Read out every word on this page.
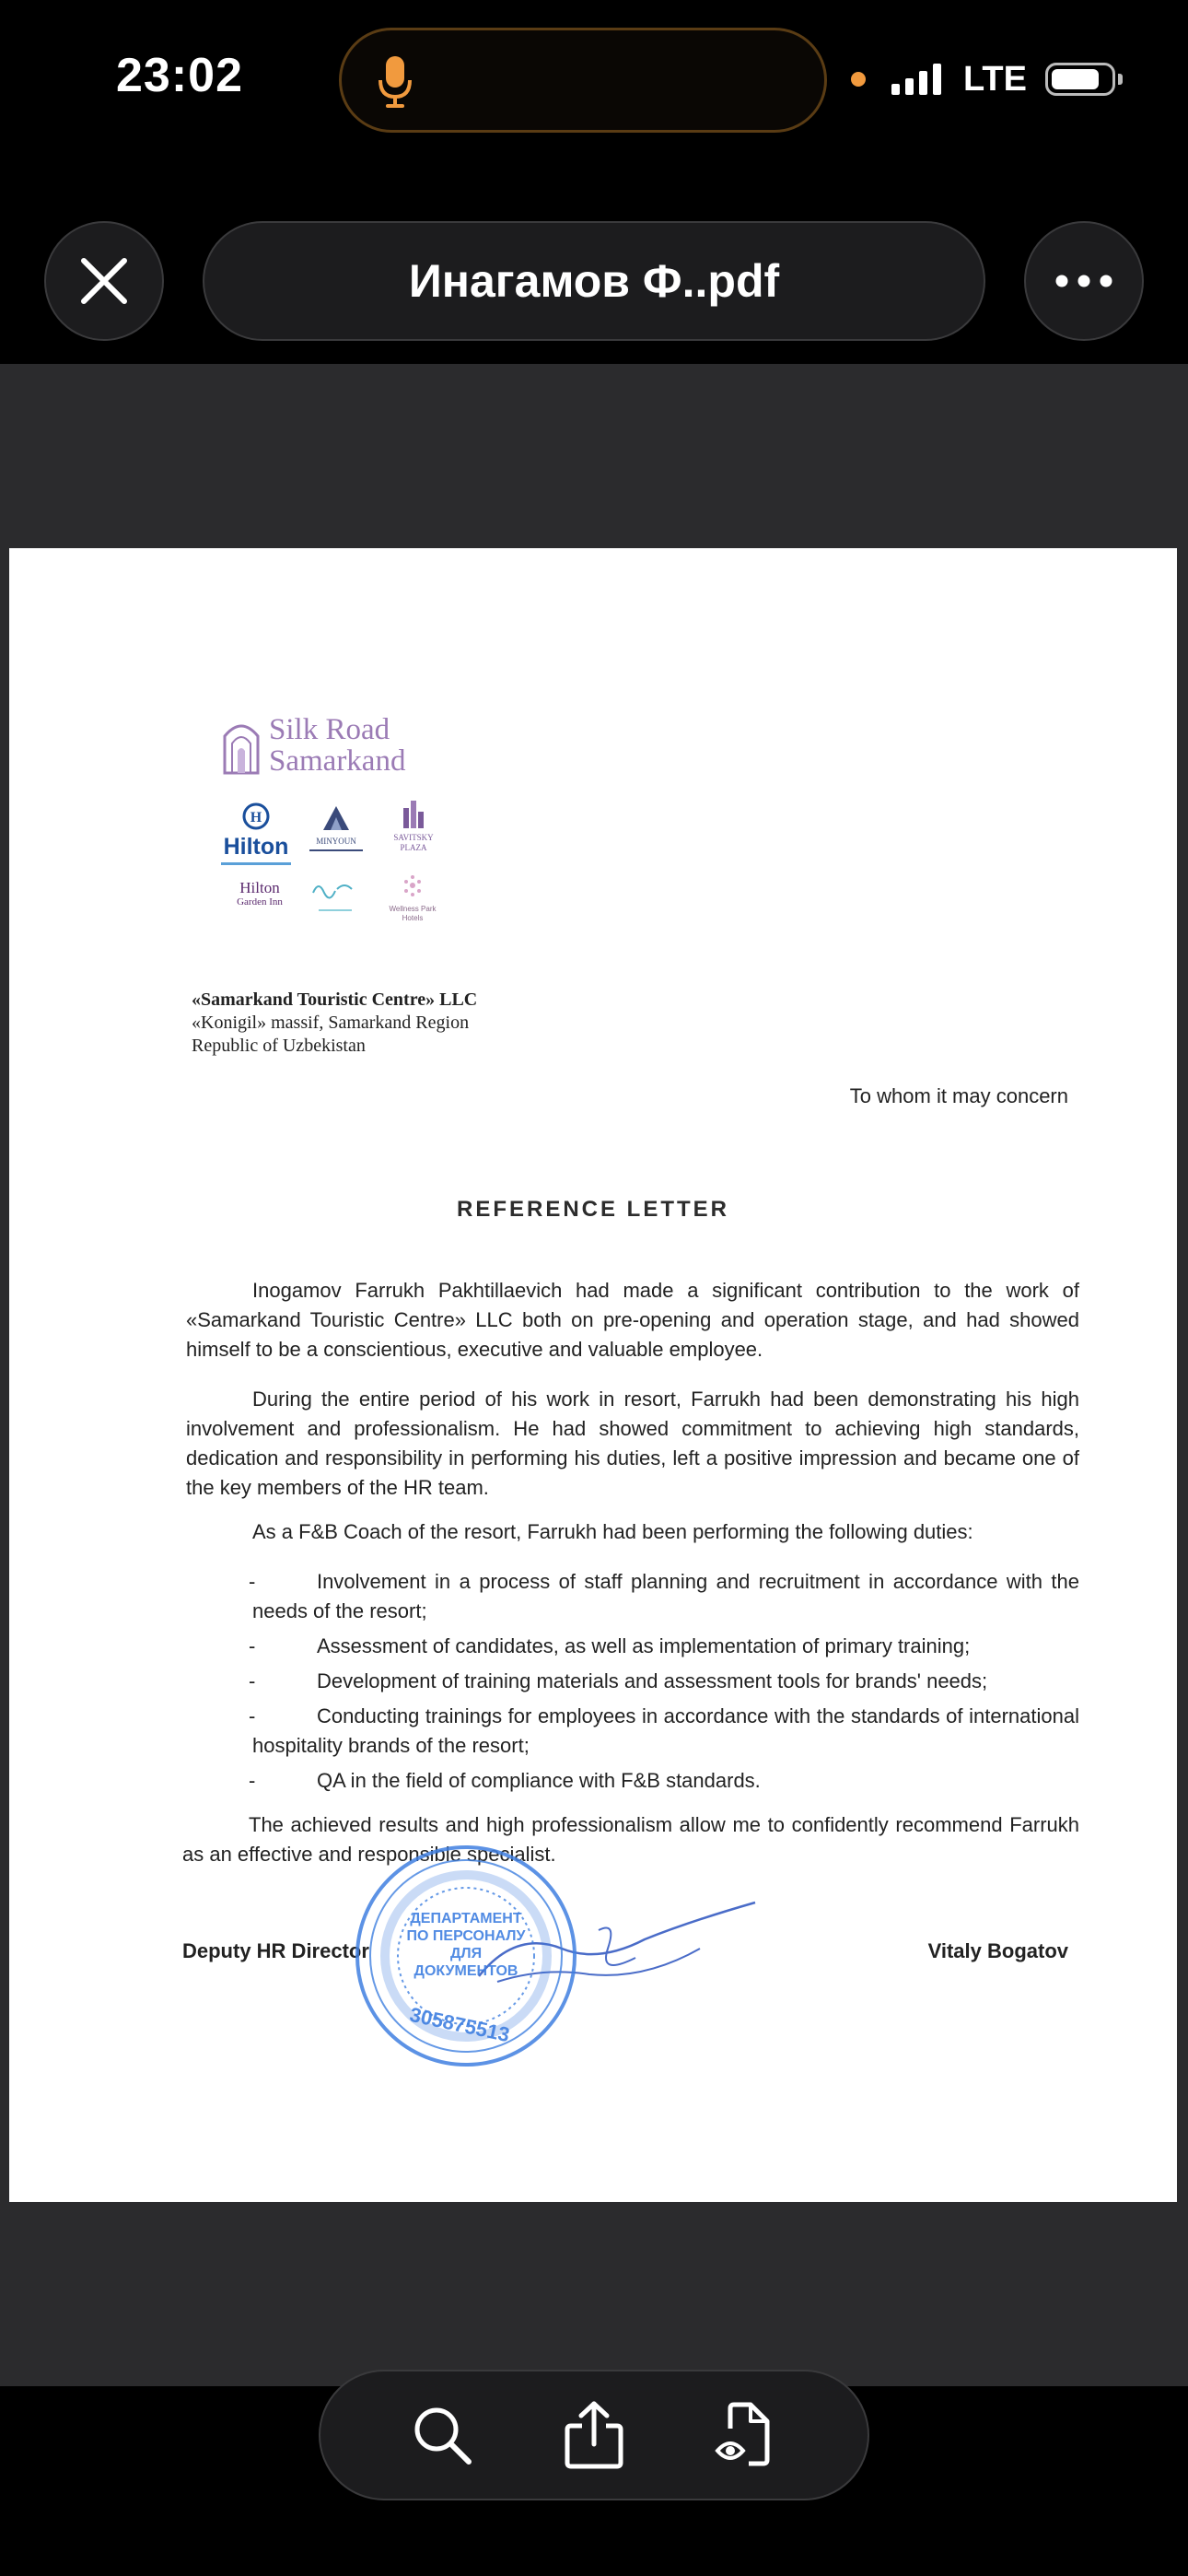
23:02	LTE
Инагамов Ф..pdf
Silk Road
Samarkand
H
Hilton	MINYOUN	SAVITSKY
PLAZA
Hilton
Garden Inn
Wellness Park
Hotels
«Samarkand Touristic Centre» LLC
«Konigil» massif, Samarkand Region
Republic of Uzbekistan
To whom it may concern
REFERENCE LETTER
Inogamov Farrukh Pakhtillaevich had made a significant contribution to the work of «Samarkand Touristic Centre» LLC both on pre-opening and operation stage, and had showed himself to be a conscientious, executive and valuable employee.
During the entire period of his work in resort, Farrukh had been demonstrating his high involvement and professionalism. He had showed commitment to achieving high standards, dedication and responsibility in performing his duties, left a positive impression and became one of the key members of the HR team.
As a F&B Coach of the resort, Farrukh had been performing the following duties:
-	Involvement in a process of staff planning and recruitment in accordance with the needs of the resort;
-	Assessment of candidates, as well as implementation of primary training;
-	Development of training materials and assessment tools for brands' needs;
-	Conducting trainings for employees in accordance with the standards of international hospitality brands of the resort;
-	QA in the field of compliance with F&B standards.
The achieved results and high professionalism allow me to confidently recommend Farrukh as an effective and responsible specialist.
Deputy HR Director	Vitaly Bogatov
ДЕПАРТАМЕНТ
ПО ПЕРСОНАЛУ
ДЛЯ
ДОКУМЕНТОВ
305875513
